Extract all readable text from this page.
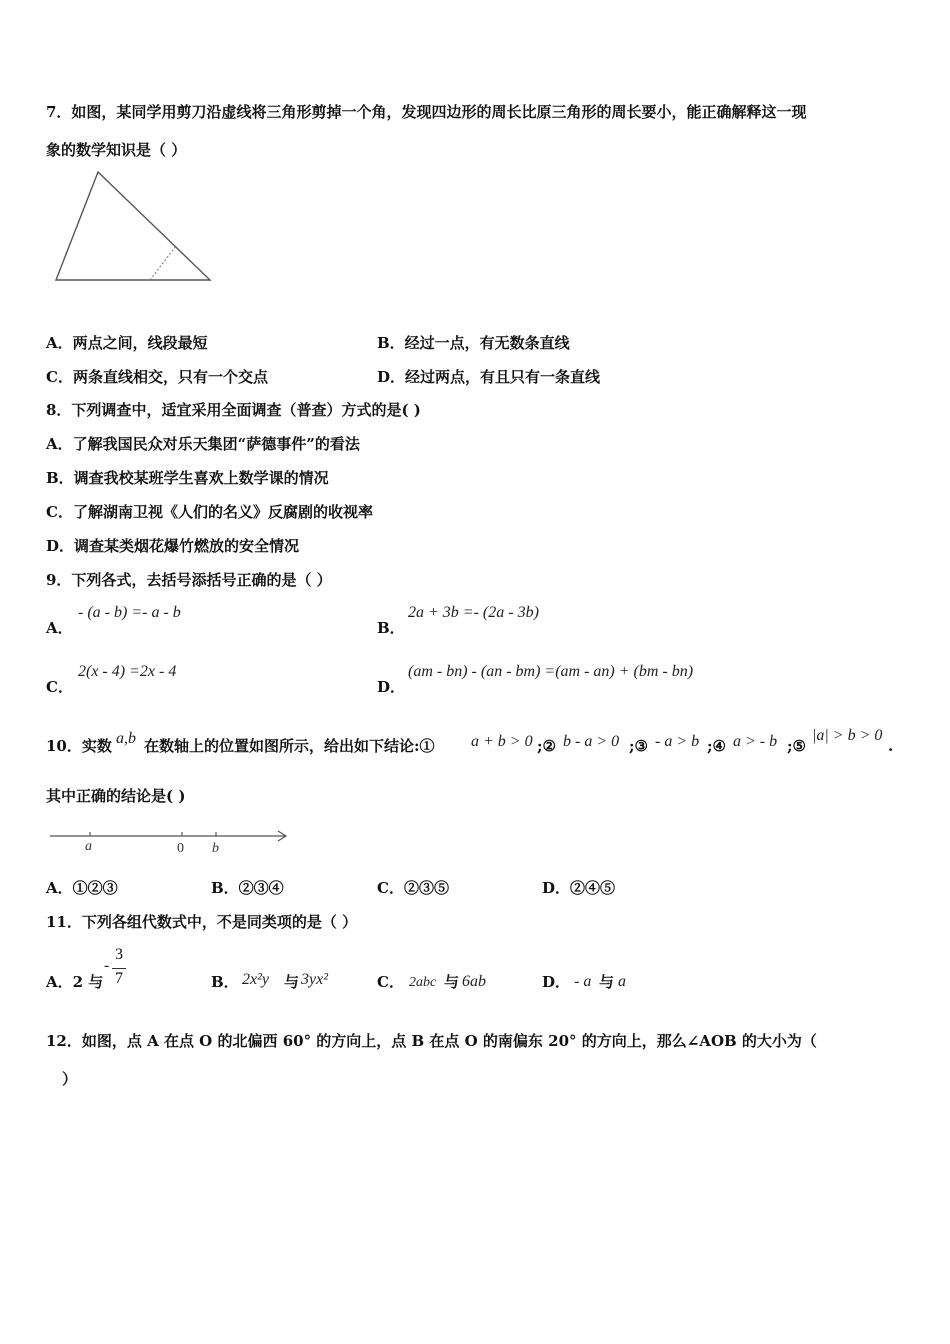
7．如图，某同学用剪刀沿虚线将三角形剪掉一个角，发现四边形的周长比原三角形的周长要小，能正确解释这一现
象的数学知识是（ ）
A．两点之间，线段最短	B．经过一点，有无数条直线
C．两条直线相交，只有一个交点	D．经过两点，有且只有一条直线
8．下列调查中，适宜采用全面调查（普查）方式的是( )
A．了解我国民众对乐天集团“萨德事件”的看法
B．调查我校某班学生喜欢上数学课的情况
C．了解湖南卫视《人们的名义》反腐剧的收视率
D．调查某类烟花爆竹燃放的安全情况
9．下列各式，去括号添括号正确的是（ ）
A．
- (a - b) =- a - b
B．
2a + 3b =- (2a - 3b)
C．
2(x - 4) =2x - 4
D．
(am - bn) - (an - bm) =(am - an) + (bm - bn)
10．实数 a,b 在数轴上的位置如图所示，给出如下结论:① a + b > 0 ;② b - a > 0 ;③ - a > b ;④ a > - b ;⑤
|a| > b > 0
.
其中正确的结论是( )
a	0 b
A．①②③	B．②③④	C．②③⑤	D．②④⑤
11．下列各组代数式中，不是同类项的是（ ）
A．2 与
-
3
7	B． 2x²y 与 3yx²	C． 2abc 与 6ab	D． - a 与 a
12．如图，点 A 在点 O 的北偏西 60° 的方向上，点 B 在点 O 的南偏东 20° 的方向上，那么∠AOB 的大小为（
）
